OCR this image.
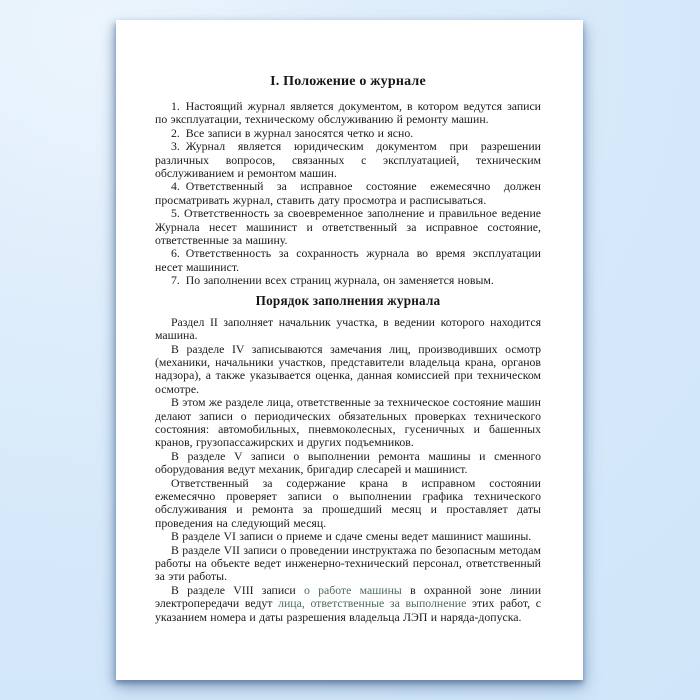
I. Положение о журнале

1. Настоящий журнал является документом, в котором ведутся записи по эксплуатации, техническому обслуживанию й ремонту машин.

2. Все записи в журнал заносятся четко и ясно.

3. Журнал является юридическим документом при разрешении различных вопросов, связанных с эксплуатацией, техническим обслуживанием и ремонтом машин.

4. Ответственный за исправное состояние ежемесячно должен просматривать журнал, ставить дату просмотра и расписываться.

5. Ответственность за своевременное заполнение и правильное ведение Журнала несет машинист и ответственный за исправное состояние, ответственные за машину.

6. Ответственность за сохранность журнала во время эксплуатации несет машинист.

7. По заполнении всех страниц журнала, он заменяется новым.

Порядок заполнения журнала

Раздел II заполняет начальник участка, в ведении которого находится машина.

В разделе IV записываются замечания лиц, производивших осмотр (механики, начальники участков, представители владельца крана, органов надзора), а также указывается оценка, данная комиссией при техническом осмотре.

В этом же разделе лица, ответственные за техническое состояние машин делают записи о периодических обязательных проверках технического состояния: автомобильных, пневмоколесных, гусеничных и башенных кранов, грузопассажирских и других подъемников.

В разделе V записи о выполнении ремонта машины и сменного оборудования ведут механик, бригадир слесарей и машинист.

Ответственный за содержание крана в исправном состоянии ежемесячно проверяет записи о выполнении графика технического обслуживания и ремонта за прошедший месяц и проставляет даты проведения на следующий месяц.

В разделе VI записи о приеме и сдаче смены ведет машинист машины.

В разделе VII записи о проведении инструктажа по безопасным методам работы на объекте ведет инженерно-технический персонал, ответственный за эти работы.

В разделе VIII записи о работе машины в охранной зоне линии электропередачи ведут лица, ответственные за выполнение этих работ, с указанием номера и даты разрешения владельца ЛЭП и наряда-допуска.
